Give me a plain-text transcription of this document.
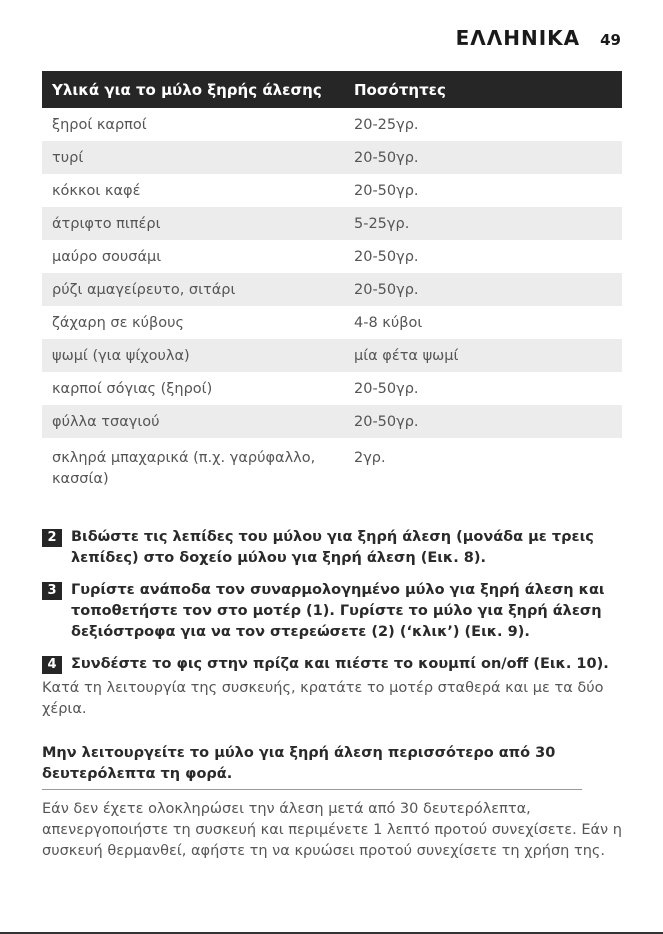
ΕΛΛΗΝΙΚΑ 49
Υλικά για το μύλο ξηρής άλεσης	Ποσότητες
ξηροί καρποί	20-25γρ.
τυρί	20-50γρ.
κόκκοι καφέ	20-50γρ.
άτριφτο πιπέρι	5-25γρ.
μαύρο σουσάμι	20-50γρ.
ρύζι αμαγείρευτο, σιτάρι	20-50γρ.
ζάχαρη σε κύβους	4-8 κύβοι
ψωμί (για ψίχουλα)	μία φέτα ψωμί
καρποί σόγιας (ξηροί)	20-50γρ.
φύλλα τσαγιού	20-50γρ.
σκληρά μπαχαρικά (π.χ. γαρύφαλλο, κασσία)	2γρ.
2 Βιδώστε τις λεπίδες του μύλου για ξηρή άλεση (μονάδα με τρεις λεπίδες) στο δοχείο μύλου για ξηρή άλεση (Εικ. 8).
3 Γυρίστε ανάποδα τον συναρμολογημένο μύλο για ξηρή άλεση και τοποθετήστε τον στο μοτέρ (1). Γυρίστε το μύλο για ξηρή άλεση δεξιόστροφα για να τον στερεώσετε (2) (‘κλικ’) (Εικ. 9).
4 Συνδέστε το φις στην πρίζα και πιέστε το κουμπί on/off (Εικ. 10).
Κατά τη λειτουργία της συσκευής, κρατάτε το μοτέρ σταθερά και με τα δύο χέρια.
Μην λειτουργείτε το μύλο για ξηρή άλεση περισσότερο από 30 δευτερόλεπτα τη φορά.
Εάν δεν έχετε ολοκληρώσει την άλεση μετά από 30 δευτερόλεπτα, απενεργοποιήστε τη συσκευή και περιμένετε 1 λεπτό προτού συνεχίσετε. Εάν η συσκευή θερμανθεί, αφήστε τη να κρυώσει προτού συνεχίσετε τη χρήση της.
